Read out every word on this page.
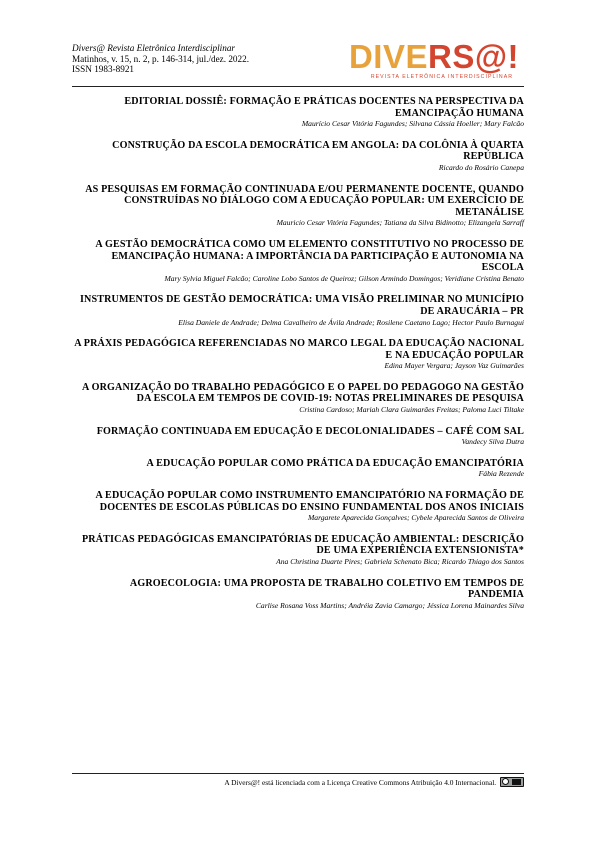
Divers@ Revista Eletrônica Interdisciplinar
Matinhos, v. 15, n. 2, p. 146-314, jul./dez. 2022.
ISSN 1983-8921	DIVERS@!
REVISTA ELETRÔNICA INTERDISCIPLINAR
EDITORIAL DOSSIÊ: FORMAÇÃO E PRÁTICAS DOCENTES NA PERSPECTIVA DA EMANCIPAÇÃO HUMANA
Maurício Cesar Vitória Fagundes; Silvana Cássia Hoeller; Mary Falcão
CONSTRUÇÃO DA ESCOLA DEMOCRÁTICA EM ANGOLA: DA COLÔNIA À QUARTA REPÚBLICA
Ricardo do Rosário Canepa
AS PESQUISAS EM FORMAÇÃO CONTINUADA E/OU PERMANENTE DOCENTE, QUANDO CONSTRUÍDAS NO DIÁLOGO COM A EDUCAÇÃO POPULAR: UM EXERCÍCIO DE METANÁLISE
Mauricio Cesar Vitória Fagundes; Tatiana da Silva Bidinotto; Elizangela Sarraff
A GESTÃO DEMOCRÁTICA COMO UM ELEMENTO CONSTITUTIVO NO PROCESSO DE EMANCIPAÇÃO HUMANA: A IMPORTÂNCIA DA PARTICIPAÇÃO E AUTONOMIA NA ESCOLA
Mary Sylvia Miguel Falcão; Caroline Lobo Santos de Queiroz; Gilson Armindo Domingos; Veridiane Cristina Benato
INSTRUMENTOS DE GESTÃO DEMOCRÁTICA: UMA VISÃO PRELIMINAR NO MUNICÍPIO DE ARAUCÁRIA – PR
Elisa Daniele de Andrade; Delma Cavalheiro de Ávila Andrade; Rosilene Caetano Lago; Hector Paulo Burnagui
A PRÁXIS PEDAGÓGICA REFERENCIADAS NO MARCO LEGAL DA EDUCAÇÃO NACIONAL E NA EDUCAÇÃO POPULAR
Edina Mayer Vergara; Jayson Vaz Guimarães
A ORGANIZAÇÃO DO TRABALHO PEDAGÓGICO E O PAPEL DO PEDAGOGO NA GESTÃO DA ESCOLA EM TEMPOS DE COVID-19: NOTAS PRELIMINARES DE PESQUISA
Cristina Cardoso; Mariah Clara Guimarães Freitas; Paloma Luci Tiltake
FORMAÇÃO CONTINUADA EM EDUCAÇÃO E DECOLONIALIDADES – CAFÉ COM SAL
Vandecy Silva Dutra
A EDUCAÇÃO POPULAR COMO PRÁTICA DA EDUCAÇÃO EMANCIPATÓRIA
Fábia Rezende
A EDUCAÇÃO POPULAR COMO INSTRUMENTO EMANCIPATÓRIO NA FORMAÇÃO DE DOCENTES DE ESCOLAS PÚBLICAS DO ENSINO FUNDAMENTAL DOS ANOS INICIAIS
Margarete Aparecida Gonçalves; Cybele Aparecida Santos de Oliveira
PRÁTICAS PEDAGÓGICAS EMANCIPATÓRIAS DE EDUCAÇÃO AMBIENTAL: DESCRIÇÃO DE UMA EXPERIÊNCIA EXTENSIONISTA*
Ana Christina Duarte Pires; Gabriela Schenato Bica; Ricardo Thiago dos Santos
AGROECOLOGIA: UMA PROPOSTA DE TRABALHO COLETIVO EM TEMPOS DE PANDEMIA
Carlise Rosana Voss Martins; Andréia Zavia Camargo; Jéssica Lorena Mainardes Silva
A Divers@! está licenciada com a Licença Creative Commons Atribuição 4.0 Internacional.
